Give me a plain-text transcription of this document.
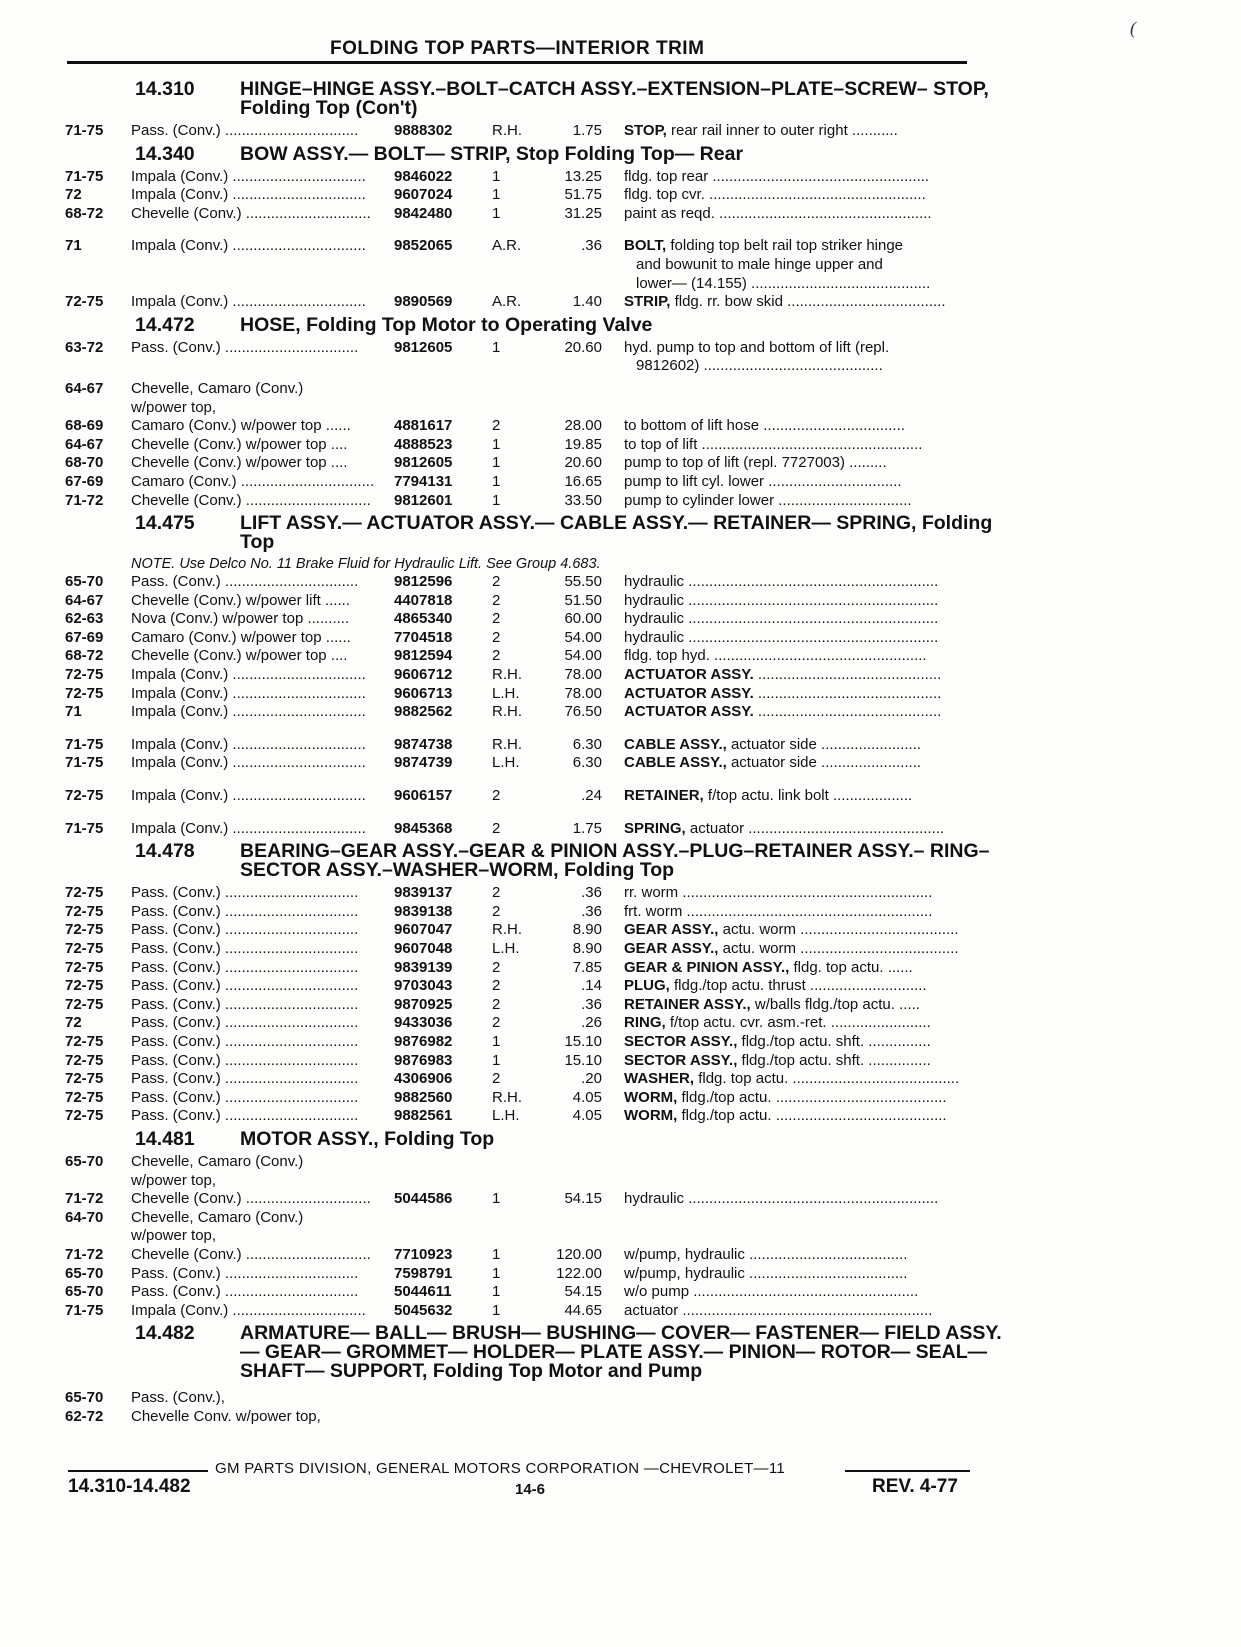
(
FOLDING TOP PARTS—INTERIOR TRIM
14.310	HINGE–HINGE ASSY.–BOLT–CATCH ASSY.–EXTENSION–PLATE–SCREW– STOP, Folding Top (Con't)
71-75	Pass. (Conv.) ................................	9888302	R.H.	1.75	STOP, rear rail inner to outer right ...........
14.340	BOW ASSY.— BOLT— STRIP, Stop Folding Top— Rear
71-75	Impala (Conv.) ................................	9846022	1	13.25	fldg. top rear ....................................................
72	Impala (Conv.) ................................	9607024	1	51.75	fldg. top cvr. ....................................................
68-72	Chevelle (Conv.) ..............................	9842480	1	31.25	paint as reqd. ...................................................
71	Impala (Conv.) ................................	9852065	A.R.	.36	BOLT, folding top belt rail top striker hinge
and bowunit to male hinge upper and
lower— (14.155) ...........................................
72-75	Impala (Conv.) ................................	9890569	A.R.	1.40	STRIP, fldg. rr. bow skid ......................................
14.472	HOSE, Folding Top Motor to Operating Valve
63-72	Pass. (Conv.) ................................	9812605	1	20.60	hyd. pump to top and bottom of lift (repl.
9812602) ...........................................
64-67	Chevelle, Camaro (Conv.)
w/power top,
68-69	Camaro (Conv.) w/power top ......	4881617	2	28.00	to bottom of lift hose ..................................
64-67	Chevelle (Conv.) w/power top ....	4888523	1	19.85	to top of lift .....................................................
68-70	Chevelle (Conv.) w/power top ....	9812605	1	20.60	pump to top of lift (repl. 7727003) .........
67-69	Camaro (Conv.) ................................	7794131	1	16.65	pump to lift cyl. lower ................................
71-72	Chevelle (Conv.) ..............................	9812601	1	33.50	pump to cylinder lower ................................
14.475	LIFT ASSY.— ACTUATOR ASSY.— CABLE ASSY.— RETAINER— SPRING, Folding Top
NOTE. Use Delco No. 11 Brake Fluid for Hydraulic Lift. See Group 4.683.
65-70	Pass. (Conv.) ................................	9812596	2	55.50	hydraulic ............................................................
64-67	Chevelle (Conv.) w/power lift ......	4407818	2	51.50	hydraulic ............................................................
62-63	Nova (Conv.) w/power top ..........	4865340	2	60.00	hydraulic ............................................................
67-69	Camaro (Conv.) w/power top ......	7704518	2	54.00	hydraulic ............................................................
68-72	Chevelle (Conv.) w/power top ....	9812594	2	54.00	fldg. top hyd. ...................................................
72-75	Impala (Conv.) ................................	9606712	R.H.	78.00	ACTUATOR ASSY. ............................................
72-75	Impala (Conv.) ................................	9606713	L.H.	78.00	ACTUATOR ASSY. ............................................
71	Impala (Conv.) ................................	9882562	R.H.	76.50	ACTUATOR ASSY. ............................................
71-75	Impala (Conv.) ................................	9874738	R.H.	6.30	CABLE ASSY., actuator side ........................
71-75	Impala (Conv.) ................................	9874739	L.H.	6.30	CABLE ASSY., actuator side ........................
72-75	Impala (Conv.) ................................	9606157	2	.24	RETAINER, f/top actu. link bolt ...................
71-75	Impala (Conv.) ................................	9845368	2	1.75	SPRING, actuator ...............................................
14.478	BEARING–GEAR ASSY.–GEAR & PINION ASSY.–PLUG–RETAINER ASSY.– RING–SECTOR ASSY.–WASHER–WORM, Folding Top
72-75	Pass. (Conv.) ................................	9839137	2	.36	rr. worm ............................................................
72-75	Pass. (Conv.) ................................	9839138	2	.36	frt. worm ...........................................................
72-75	Pass. (Conv.) ................................	9607047	R.H.	8.90	GEAR ASSY., actu. worm ......................................
72-75	Pass. (Conv.) ................................	9607048	L.H.	8.90	GEAR ASSY., actu. worm ......................................
72-75	Pass. (Conv.) ................................	9839139	2	7.85	GEAR & PINION ASSY., fldg. top actu. ......
72-75	Pass. (Conv.) ................................	9703043	2	.14	PLUG, fldg./top actu. thrust ............................
72-75	Pass. (Conv.) ................................	9870925	2	.36	RETAINER ASSY., w/balls fldg./top actu. .....
72	Pass. (Conv.) ................................	9433036	2	.26	RING, f/top actu. cvr. asm.-ret. ........................
72-75	Pass. (Conv.) ................................	9876982	1	15.10	SECTOR ASSY., fldg./top actu. shft. ...............
72-75	Pass. (Conv.) ................................	9876983	1	15.10	SECTOR ASSY., fldg./top actu. shft. ...............
72-75	Pass. (Conv.) ................................	4306906	2	.20	WASHER, fldg. top actu. ........................................
72-75	Pass. (Conv.) ................................	9882560	R.H.	4.05	WORM, fldg./top actu. .........................................
72-75	Pass. (Conv.) ................................	9882561	L.H.	4.05	WORM, fldg./top actu. .........................................
14.481	MOTOR ASSY., Folding Top
65-70	Chevelle, Camaro (Conv.)
w/power top,
71-72	Chevelle (Conv.) ..............................	5044586	1	54.15	hydraulic ............................................................
64-70	Chevelle, Camaro (Conv.)
w/power top,
71-72	Chevelle (Conv.) ..............................	7710923	1	120.00	w/pump, hydraulic ......................................
65-70	Pass. (Conv.) ................................	7598791	1	122.00	w/pump, hydraulic ......................................
65-70	Pass. (Conv.) ................................	5044611	1	54.15	w/o pump ......................................................
71-75	Impala (Conv.) ................................	5045632	1	44.65	actuator ............................................................
14.482	ARMATURE— BALL— BRUSH— BUSHING— COVER— FASTENER— FIELD ASSY.— GEAR— GROMMET— HOLDER— PLATE ASSY.— PINION— ROTOR— SEAL— SHAFT— SUPPORT, Folding Top Motor and Pump
65-70	Pass. (Conv.),
62-72	Chevelle Conv. w/power top,
GM PARTS DIVISION, GENERAL MOTORS CORPORATION —CHEVROLET—11
14.310-14.482	14-6	REV. 4-77
